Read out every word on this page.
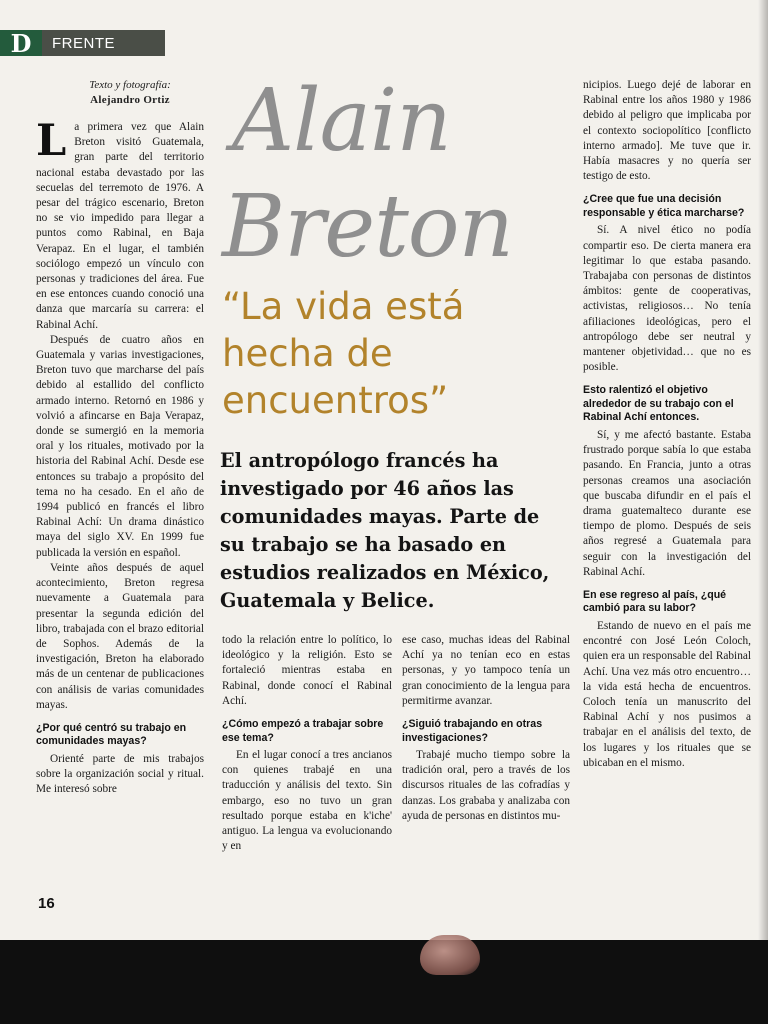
D	FRENTE
Texto y fotografía:
Alejandro Ortiz Alain
Breton
“La vida está
hecha de
encuentros”
El antropólogo francés ha investigado por 46 años las comunidades mayas. Parte de su trabajo se ha basado en estudios realizados en México, Guatemala y Belice.

La primera vez que Alain Breton visitó Guatemala, gran parte del territorio nacional estaba devastado por las secuelas del terremoto de 1976. A pesar del trágico escenario, Breton no se vio impedido para llegar a puntos como Rabinal, en Baja Verapaz. En el lugar, el también sociólogo empezó un vínculo con personas y tradiciones del área. Fue en ese entonces cuando conoció una danza que marcaría su carrera: el Rabinal Achí.

Después de cuatro años en Guatemala y varias investigaciones, Breton tuvo que marcharse del país debido al estallido del conflicto armado interno. Retornó en 1986 y volvió a afincarse en Baja Verapaz, donde se sumergió en la memoria oral y los rituales, motivado por la historia del Rabinal Achí. Desde ese entonces su trabajo a propósito del tema no ha cesado. En el año de 1994 publicó en francés el libro Rabinal Achí: Un drama dinástico maya del siglo XV. En 1999 fue publicada la versión en español.

Veinte años después de aquel acontecimiento, Breton regresa nuevamente a Guatemala para presentar la segunda edición del libro, trabajada con el brazo editorial de Sophos. Además de la investigación, Breton ha elaborado más de un centenar de publicaciones con análisis de varias comunidades mayas.

¿Por qué centró su trabajo en comunidades mayas?

Orienté parte de mis trabajos sobre la organización social y ritual. Me interesó sobre

todo la relación entre lo político, lo ideológico y la religión. Esto se fortaleció mientras estaba en Rabinal, donde conocí el Rabinal Achí.

¿Cómo empezó a trabajar sobre ese tema?

En el lugar conocí a tres ancianos con quienes trabajé en una traducción y análisis del texto. Sin embargo, eso no tuvo un gran resultado porque estaba en k'iche' antiguo. La lengua va evolucionando y en

ese caso, muchas ideas del Rabinal Achí ya no tenían eco en estas personas, y yo tampoco tenía un gran conocimiento de la lengua para permitirme avanzar.

¿Siguió trabajando en otras investigaciones?

Trabajé mucho tiempo sobre la tradición oral, pero a través de los discursos rituales de las cofradías y danzas. Los grababa y analizaba con ayuda de personas en distintos mu-

nicipios. Luego dejé de laborar en Rabinal entre los años 1980 y 1986 debido al peligro que implicaba por el contexto sociopolítico [conflicto interno armado]. Me tuve que ir. Había masacres y no quería ser testigo de esto.

¿Cree que fue una decisión responsable y ética marcharse?

Sí. A nivel ético no podía compartir eso. De cierta manera era legitimar lo que estaba pasando. Trabajaba con personas de distintos ámbitos: gente de cooperativas, activistas, religiosos… No tenía afiliaciones ideológicas, pero el antropólogo debe ser neutral y mantener objetividad… que no es posible.

Esto ralentizó el objetivo alrededor de su trabajo con el Rabinal Achí entonces.

Sí, y me afectó bastante. Estaba frustrado porque sabía lo que estaba pasando. En Francia, junto a otras personas creamos una asociación que buscaba difundir en el país el drama guatemalteco durante ese tiempo de plomo. Después de seis años regresé a Guatemala para seguir con la investigación del Rabinal Achí.

En ese regreso al país, ¿qué cambió para su labor?

Estando de nuevo en el país me encontré con José León Coloch, quien era un responsable del Rabinal Achí. Una vez más otro encuentro… la vida está hecha de encuentros. Coloch tenía un manuscrito del Rabinal Achí y nos pusimos a trabajar en el análisis del texto, de los lugares y los rituales que se ubicaban en el mismo.

16
